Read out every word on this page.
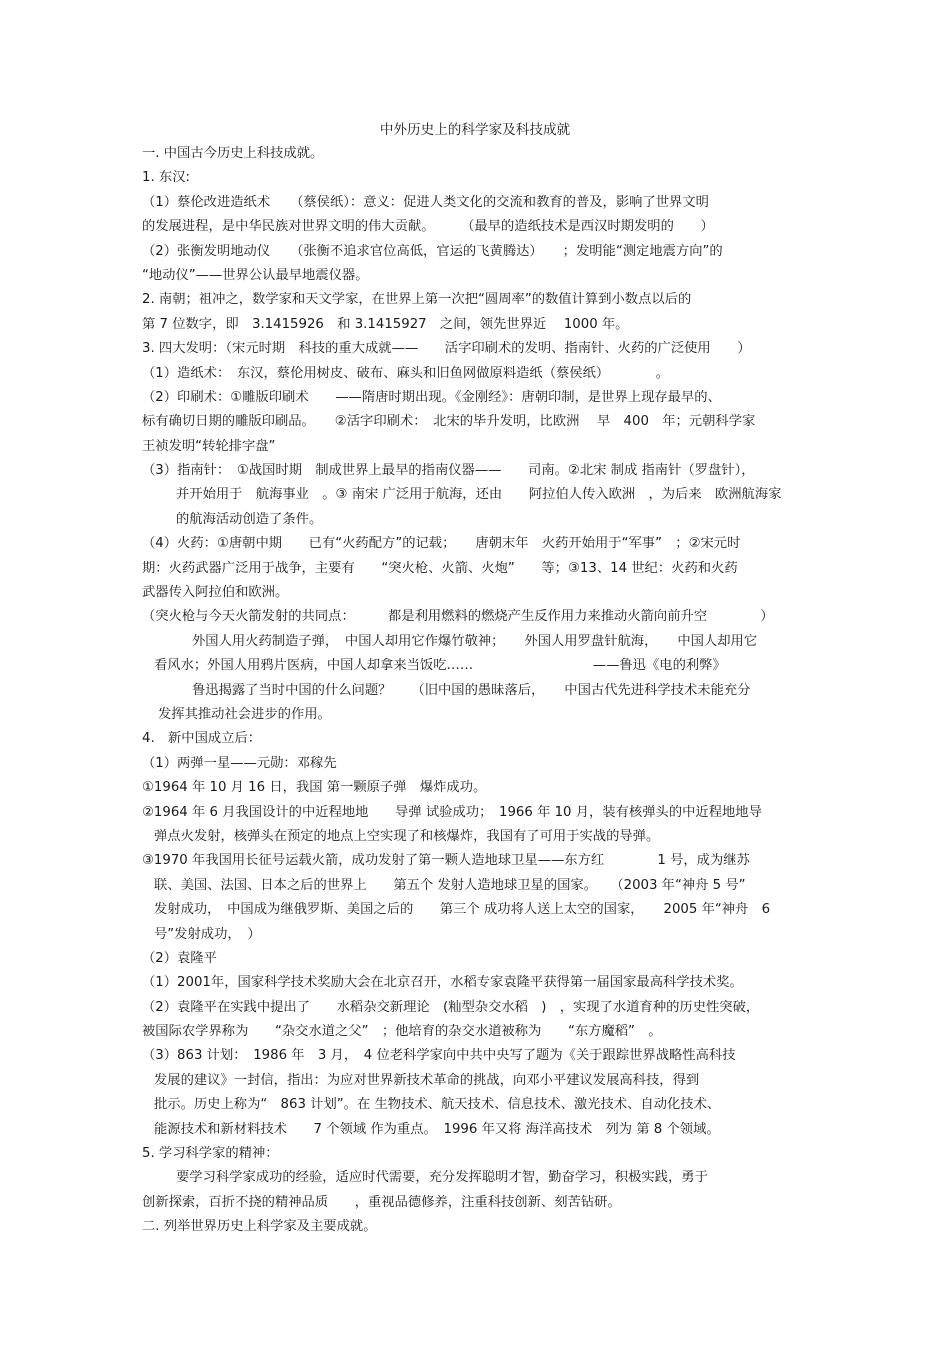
中外历史上的科学家及科技成就
一. 中国古今历史上科技成就。
1. 东汉:
（1）蔡伦改进造纸术　　（蔡侯纸）：意义：促进人类文化的交流和教育的普及，影响了世界文明
的发展进程，是中华民族对世界文明的伟大贡献。　　　（最早的造纸技术是西汉时期发明的　　）
（2）张衡发明地动仪　　（张衡不追求官位高低，官运的飞黄腾达）　　；发明能“测定地震方向”的
“地动仪”——世界公认最早地震仪器。
2. 南朝；祖冲之，数学家和天文学家，在世界上第一次把“圆周率”的数值计算到小数点以后的
第 7 位数字，即　3.1415926　和 3.1415927　之间，领先世界近　 1000 年。
3. 四大发明：（宋元时期　科技的重大成就——　　活字印刷术的发明、指南针、火药的广泛使用　　）
（1）造纸术：　东汉，蔡伦用树皮、破布、麻头和旧鱼网做原料造纸（蔡侯纸）　　　　。
（2）印刷术：①雕版印刷术　　——隋唐时期出现。《金刚经》：唐朝印制，是世界上现存最早的、
标有确切日期的雕版印刷品。　　②活字印刷术：　北宋的毕升发明，比欧洲　 早　400　年；元朝科学家
王祯发明“转轮排字盘”
（3）指南针：　①战国时期　制成世界上最早的指南仪器——　　司南。②北宋 制成 指南针（罗盘针），
并开始用于　航海事业　。③ 南宋 广泛用于航海，还由　　阿拉伯人传入欧洲　，为后来　欧洲航海家
的航海活动创造了条件。
（4）火药：①唐朝中期　　已有“火药配方”的记载；　　唐朝末年　火药开始用于“军事”　；②宋元时
期：火药武器广泛用于战争，主要有　　“突火枪、火箭、火炮”　　等；③13、14 世纪：火药和火药
武器传入阿拉伯和欧洲。
（突火枪与今天火箭发射的共同点：　　　都是利用燃料的燃烧产生反作用力来推动火箭向前升空　　　　）
外国人用火药制造子弹，　中国人却用它作爆竹敬神；　　外国人用罗盘针航海，　　中国人却用它
看风水；外国人用鸦片医病，中国人却拿来当饭吃……　　　　　　　　　——鲁迅《电的利弊》
鲁迅揭露了当时中国的什么问题？　　（旧中国的愚昧落后，　　中国古代先进科学技术未能充分
发挥其推动社会进步的作用。
4.　新中国成立后：
（1）两弹一星——元勋：邓稼先
①1964 年 10 月 16 日，我国 第一颗原子弹　爆炸成功。
②1964 年 6 月我国设计的中近程地地　　导弹 试验成功；　1966 年 10 月，装有核弹头的中近程地地导
弹点火发射，核弹头在预定的地点上空实现了和核爆炸，我国有了可用于实战的导弹。
③1970 年我国用长征号运载火箭，成功发射了第一颗人造地球卫星——东方红　　　　1 号，成为继苏
联、美国、法国、日本之后的世界上　　第五个 发射人造地球卫星的国家。　　（2003 年“神舟 5 号”
发射成功，　中国成为继俄罗斯、美国之后的　　第三个 成功将人送上太空的国家，　　2005 年“神舟　6
号”发射成功，　）
（2）袁隆平
（1）2001年，国家科学技术奖励大会在北京召开，水稻专家袁隆平获得第一届国家最高科学技术奖。
（2）袁隆平在实践中提出了　　水稻杂交新理论　(籼型杂交水稻　)　，实现了水道育种的历史性突破，
被国际农学界称为　　“杂交水道之父”　；他培育的杂交水道被称为　　“东方魔稻”　。
（3）863 计划：　1986 年　3 月，　4 位老科学家向中共中央写了题为《关于跟踪世界战略性高科技
发展的建议》一封信，指出：为应对世界新技术革命的挑战，向邓小平建议发展高科技，得到
批示。历史上称为“　863 计划”。在 生物技术、航天技术、信息技术、激光技术、自动化技术、
能源技术和新材料技术　　7 个领域 作为重点。　1996 年又将 海洋高技术　列为 第 8 个领域。
5. 学习科学家的精神：
要学习科学家成功的经验，适应时代需要，充分发挥聪明才智，勤奋学习，积极实践，勇于
创新探索，百折不挠的精神品质　　，重视品德修养，注重科技创新、刻苦钻研。
二. 列举世界历史上科学家及主要成就。
